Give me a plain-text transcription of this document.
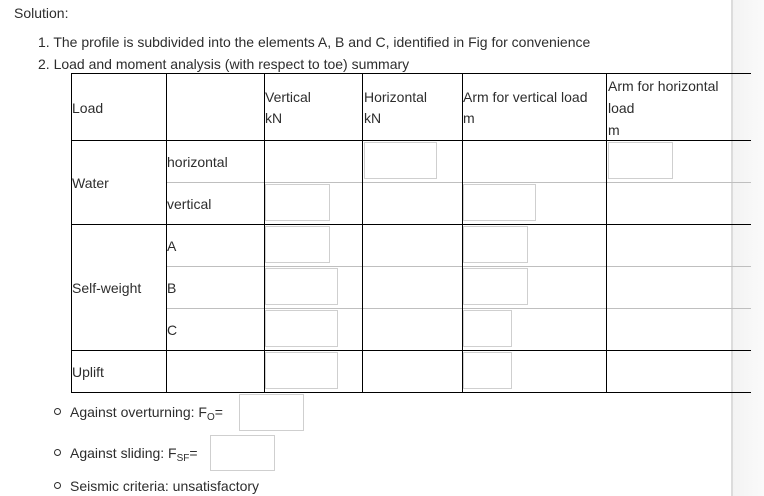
Solution:
1. The profile is subdivided into the elements A, B and C, identified in Fig for convenience
2. Load and moment analysis (with respect to toe) summary
Load
Vertical
kN
Horizontal
kN
Arm for vertical load
m
Arm for horizontal
load
m
Water
horizontal
vertical
Self-weight
A
B
C
Uplift
Against overturning: $F_O=$
Against sliding: $F_{SF}=$
Seismic criteria: unsatisfactory
